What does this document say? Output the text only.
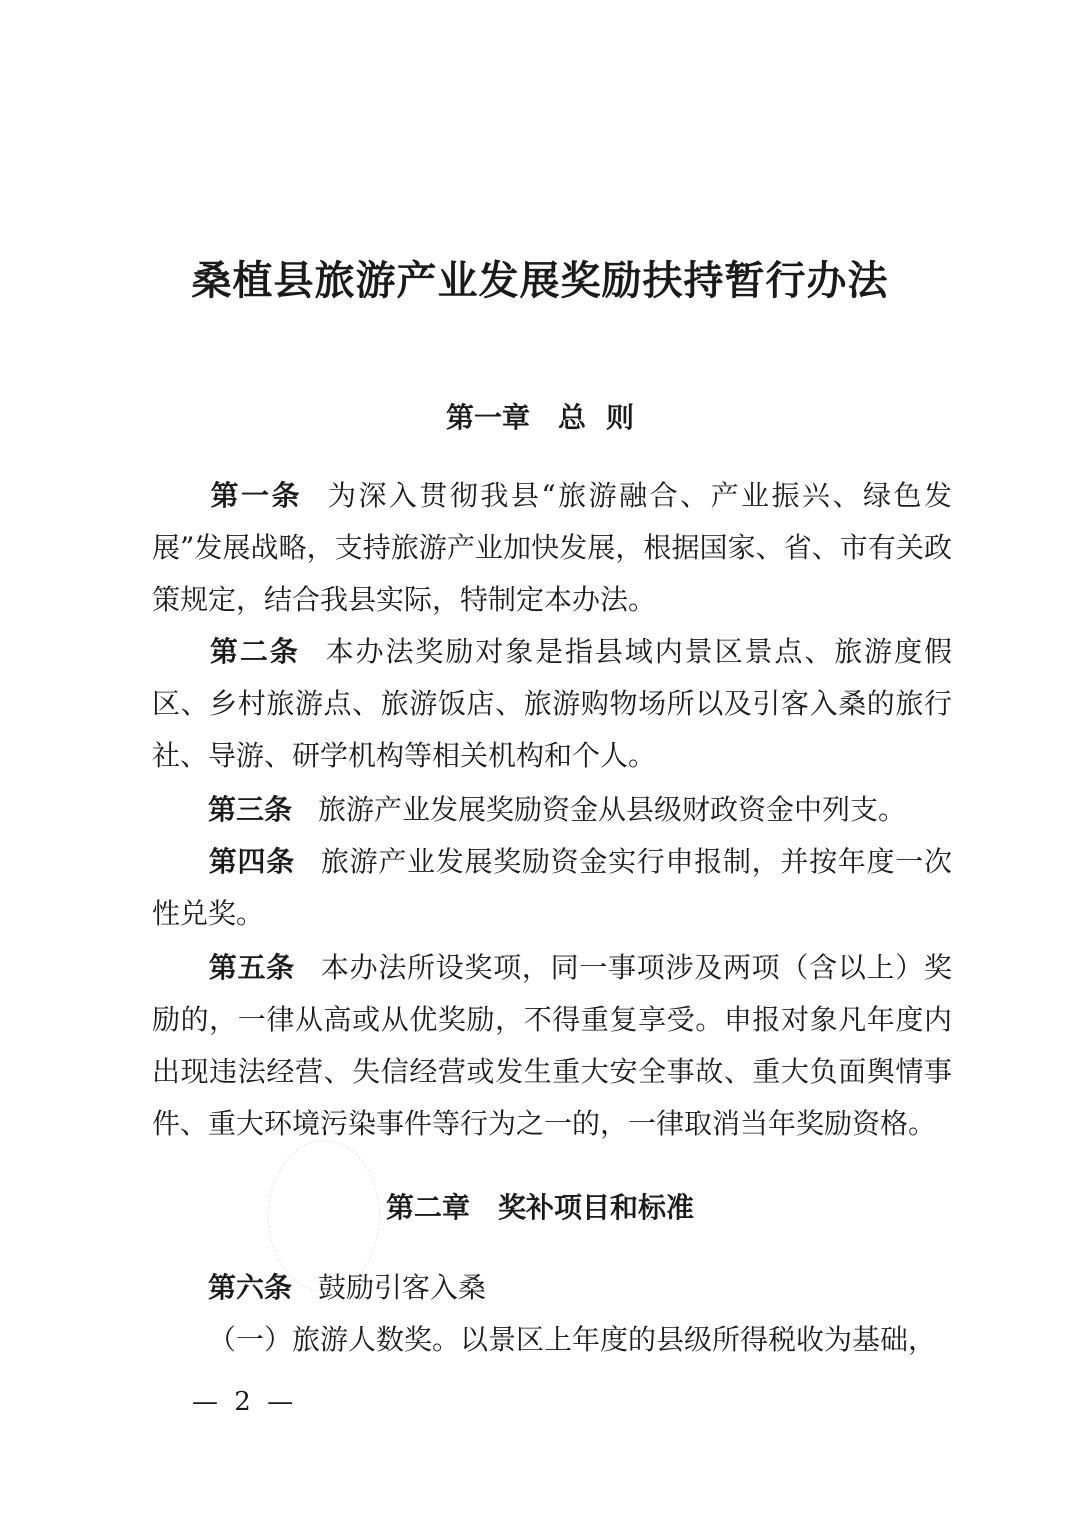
桑植县旅游产业发展奖励扶持暂行办法
第一章 总 则

第一条 为深入贯彻我县“旅游融合、产业振兴、绿色发展”发展战略，支持旅游产业加快发展，根据国家、省、市有关政策规定，结合我县实际，特制定本办法。

第二条 本办法奖励对象是指县域内景区景点、旅游度假区、乡村旅游点、旅游饭店、旅游购物场所以及引客入桑的旅行社、导游、研学机构等相关机构和个人。

第三条 旅游产业发展奖励资金从县级财政资金中列支。

第四条 旅游产业发展奖励资金实行申报制，并按年度一次性兑奖。

第五条 本办法所设奖项，同一事项涉及两项（含以上）奖励的，一律从高或从优奖励，不得重复享受。申报对象凡年度内出现违法经营、失信经营或发生重大安全事故、重大负面舆情事件、重大环境污染事件等行为之一的，一律取消当年奖励资格。

第二章 奖补项目和标准

第六条 鼓励引客入桑

（一）旅游人数奖。以景区上年度的县级所得税收为基础，

— 2 —
